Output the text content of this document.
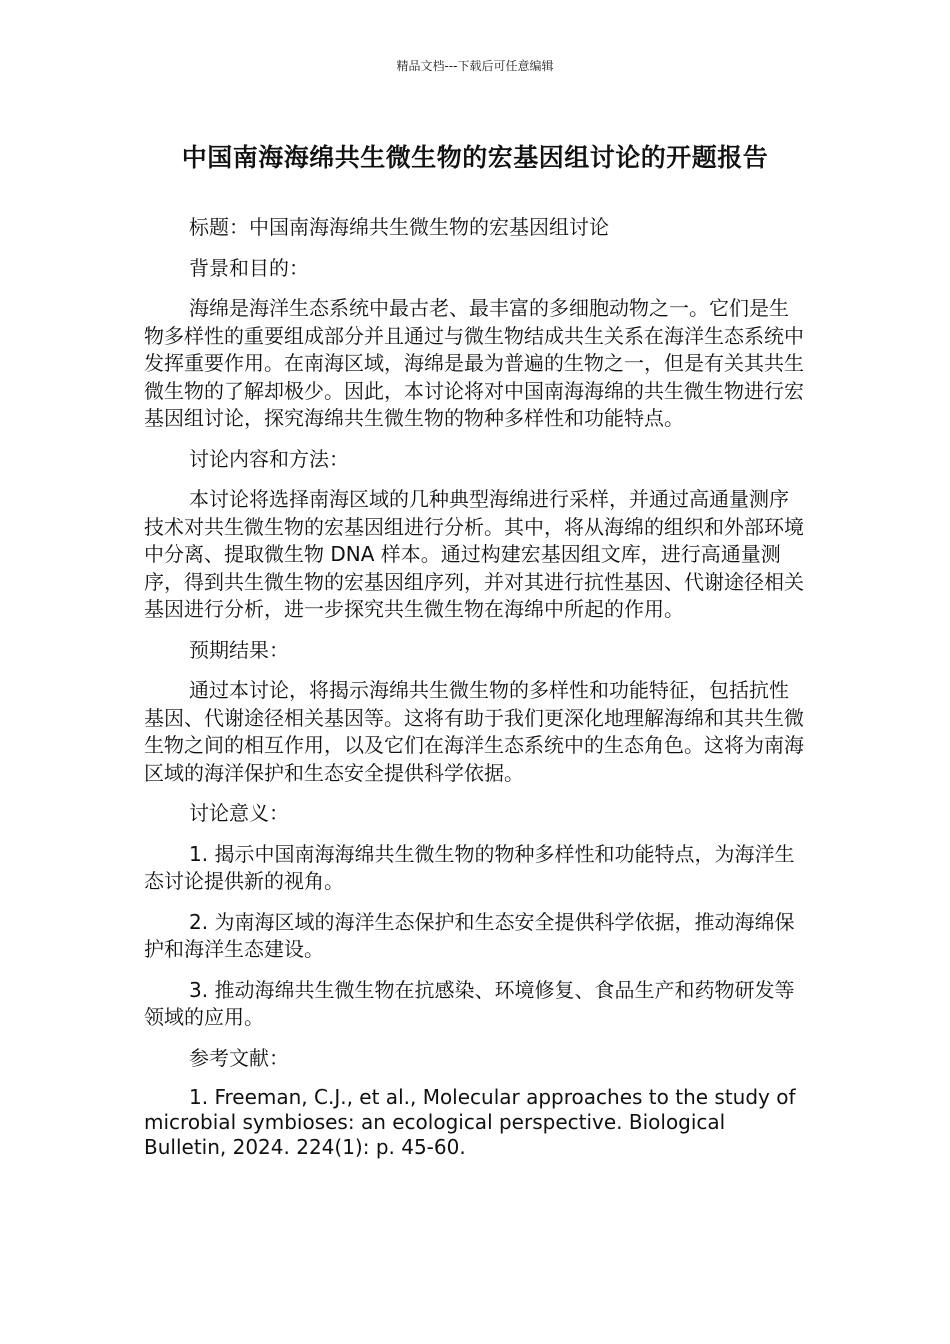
精品文档---下载后可任意编辑
中国南海海绵共生微生物的宏基因组讨论的开题报告

标题：中国南海海绵共生微生物的宏基因组讨论

背景和目的：

海绵是海洋生态系统中最古老、最丰富的多细胞动物之一。它们是生物多样性的重要组成部分并且通过与微生物结成共生关系在海洋生态系统中发挥重要作用。在南海区域，海绵是最为普遍的生物之一，但是有关其共生微生物的了解却极少。因此，本讨论将对中国南海海绵的共生微生物进行宏基因组讨论，探究海绵共生微生物的物种多样性和功能特点。

讨论内容和方法：

本讨论将选择南海区域的几种典型海绵进行采样，并通过高通量测序技术对共生微生物的宏基因组进行分析。其中，将从海绵的组织和外部环境中分离、提取微生物 DNA 样本。通过构建宏基因组文库，进行高通量测序，得到共生微生物的宏基因组序列，并对其进行抗性基因、代谢途径相关基因进行分析，进一步探究共生微生物在海绵中所起的作用。

预期结果：

通过本讨论，将揭示海绵共生微生物的多样性和功能特征，包括抗性基因、代谢途径相关基因等。这将有助于我们更深化地理解海绵和其共生微生物之间的相互作用，以及它们在海洋生态系统中的生态角色。这将为南海区域的海洋保护和生态安全提供科学依据。

讨论意义：

1. 揭示中国南海海绵共生微生物的物种多样性和功能特点，为海洋生态讨论提供新的视角。

2. 为南海区域的海洋生态保护和生态安全提供科学依据，推动海绵保护和海洋生态建设。

3. 推动海绵共生微生物在抗感染、环境修复、食品生产和药物研发等领域的应用。

参考文献：

1. Freeman, C.J., et al., Molecular approaches to the study of microbial symbioses: an ecological perspective. Biological Bulletin, 2024. 224(1): p. 45-60.
